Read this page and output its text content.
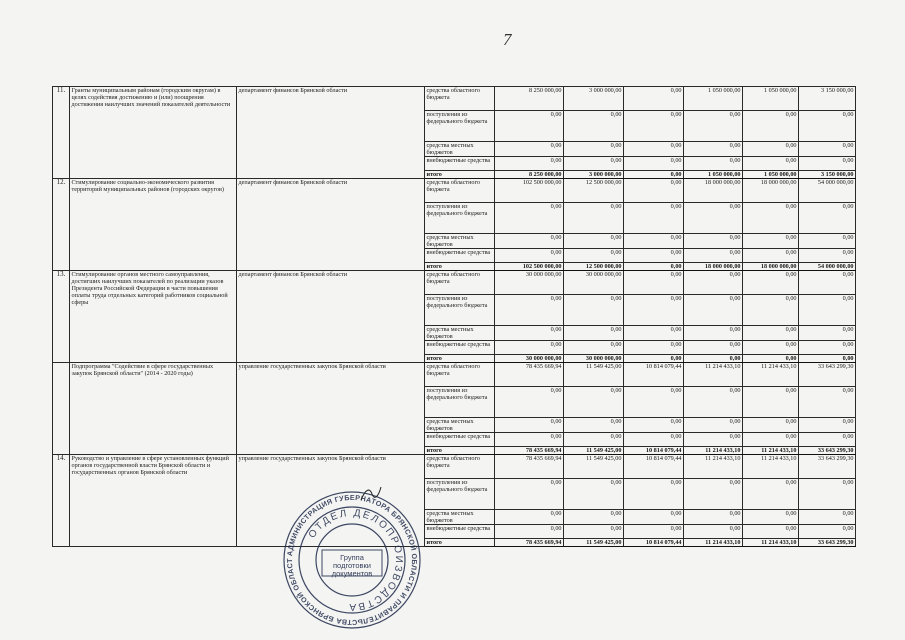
7
11.	Гранты муниципальным районам (городским округам) в целях содействия достижению и (или) поощрения достижения наилучших значений показателей деятельности	департамент финансов Брянской области	средства областного бюджета	8 250 000,00	3 000 000,00	0,00	1 050 000,00	1 050 000,00	3 150 000,00
			поступления из федерального бюджета	0,00	0,00	0,00	0,00	0,00	0,00
			средства местных бюджетов	0,00	0,00	0,00	0,00	0,00	0,00
			внебюджетные средства	0,00	0,00	0,00	0,00	0,00	0,00
			итого	8 250 000,00	3 000 000,00	0,00	1 050 000,00	1 050 000,00	3 150 000,00
12.	Стимулирование социально-экономического развития территорий муниципальных районов (городских округов)	департамент финансов Брянской области	средства областного бюджета	102 500 000,00	12 500 000,00	0,00	18 000 000,00	18 000 000,00	54 000 000,00
			поступления из федерального бюджета	0,00	0,00	0,00	0,00	0,00	0,00
			средства местных бюджетов	0,00	0,00	0,00	0,00	0,00	0,00
			внебюджетные средства	0,00	0,00	0,00	0,00	0,00	0,00
			итого	102 500 000,00	12 500 000,00	0,00	18 000 000,00	18 000 000,00	54 000 000,00
13.	Стимулирование органов местного самоуправления, достигших наилучших показателей по реализации указов Президента Российской Федерации в части повышения оплаты труда отдельных категорий работников социальной сферы	департамент финансов Брянской области	средства областного бюджета	30 000 000,00	30 000 000,00	0,00	0,00	0,00	0,00
			поступления из федерального бюджета	0,00	0,00	0,00	0,00	0,00	0,00
			средства местных бюджетов	0,00	0,00	0,00	0,00	0,00	0,00
			внебюджетные средства	0,00	0,00	0,00	0,00	0,00	0,00
			итого	30 000 000,00	30 000 000,00	0,00	0,00	0,00	0,00
	Подпрограмма "Содействие в сфере государственных закупок Брянской области" (2014 - 2020 годы)	управление государственных закупок Брянской области	средства областного бюджета	78 435 669,94	11 549 425,00	10 814 079,44	11 214 433,10	11 214 433,10	33 643 299,30
			поступления из федерального бюджета	0,00	0,00	0,00	0,00	0,00	0,00
			средства местных бюджетов	0,00	0,00	0,00	0,00	0,00	0,00
			внебюджетные средства	0,00	0,00	0,00	0,00	0,00	0,00
			итого	78 435 669,94	11 549 425,00	10 814 079,44	11 214 433,10	11 214 433,10	33 643 299,30
14.	Руководство и управление в сфере установленных функций органов государственной власти Брянской области и государственных органов Брянской области	управление государственных закупок Брянской области	средства областного бюджета	78 435 669,94	11 549 425,00	10 814 079,44	11 214 433,10	11 214 433,10	33 643 299,30
			поступления из федерального бюджета	0,00	0,00	0,00	0,00	0,00	0,00
			средства местных бюджетов	0,00	0,00	0,00	0,00	0,00	0,00
			внебюджетные средства	0,00	0,00	0,00	0,00	0,00	0,00
			итого	78 435 669,94	11 549 425,00	10 814 079,44	11 214 433,10	11 214 433,10	33 643 299,30
АДМИНИСТРАЦИЯ ГУБЕРНАТОРА БРЯНСКОЙ ОБЛАСТИ И ПРАВИТЕЛЬСТВА БРЯНСКОЙ ОБЛАСТ
ОТДЕЛ ДЕЛОПРОИЗВОДСТВА
Группа
подготовки
документов
